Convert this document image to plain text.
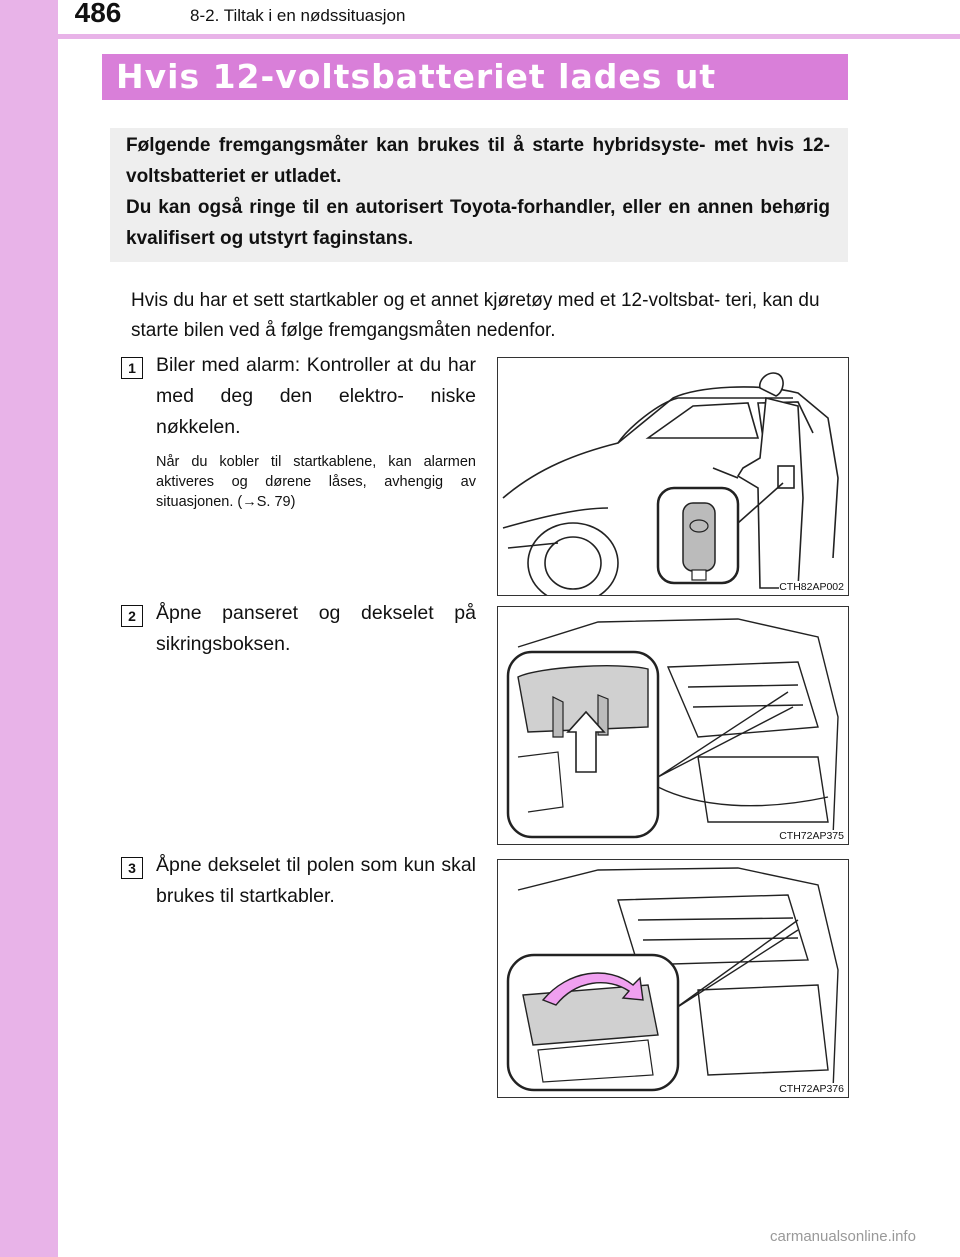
486	8-2. Tiltak i en nødssituasjon
Hvis 12-voltsbatteriet lades ut

Følgende fremgangsmåter kan brukes til å starte hybridsyste- met hvis 12-voltsbatteriet er utladet.

Du kan også ringe til en autorisert Toyota-forhandler, eller en annen behørig kvalifisert og utstyrt faginstans.

Hvis du har et sett startkabler og et annet kjøretøy med et 12-voltsbat- teri, kan du starte bilen ved å følge fremgangsmåten nedenfor.
1	Biler med alarm: Kontroller at du har med deg den elektro- niske nøkkelen.
Når du kobler til startkablene, kan alarmen aktiveres og dørene låses, avhengig av situasjonen. (→S. 79)
CTH82AP002
2	Åpne panseret og dekselet på sikringsboksen.
CTH72AP375
3	Åpne dekselet til polen som kun skal brukes til startkabler.
CTH72AP376
carmanualsonline.info
